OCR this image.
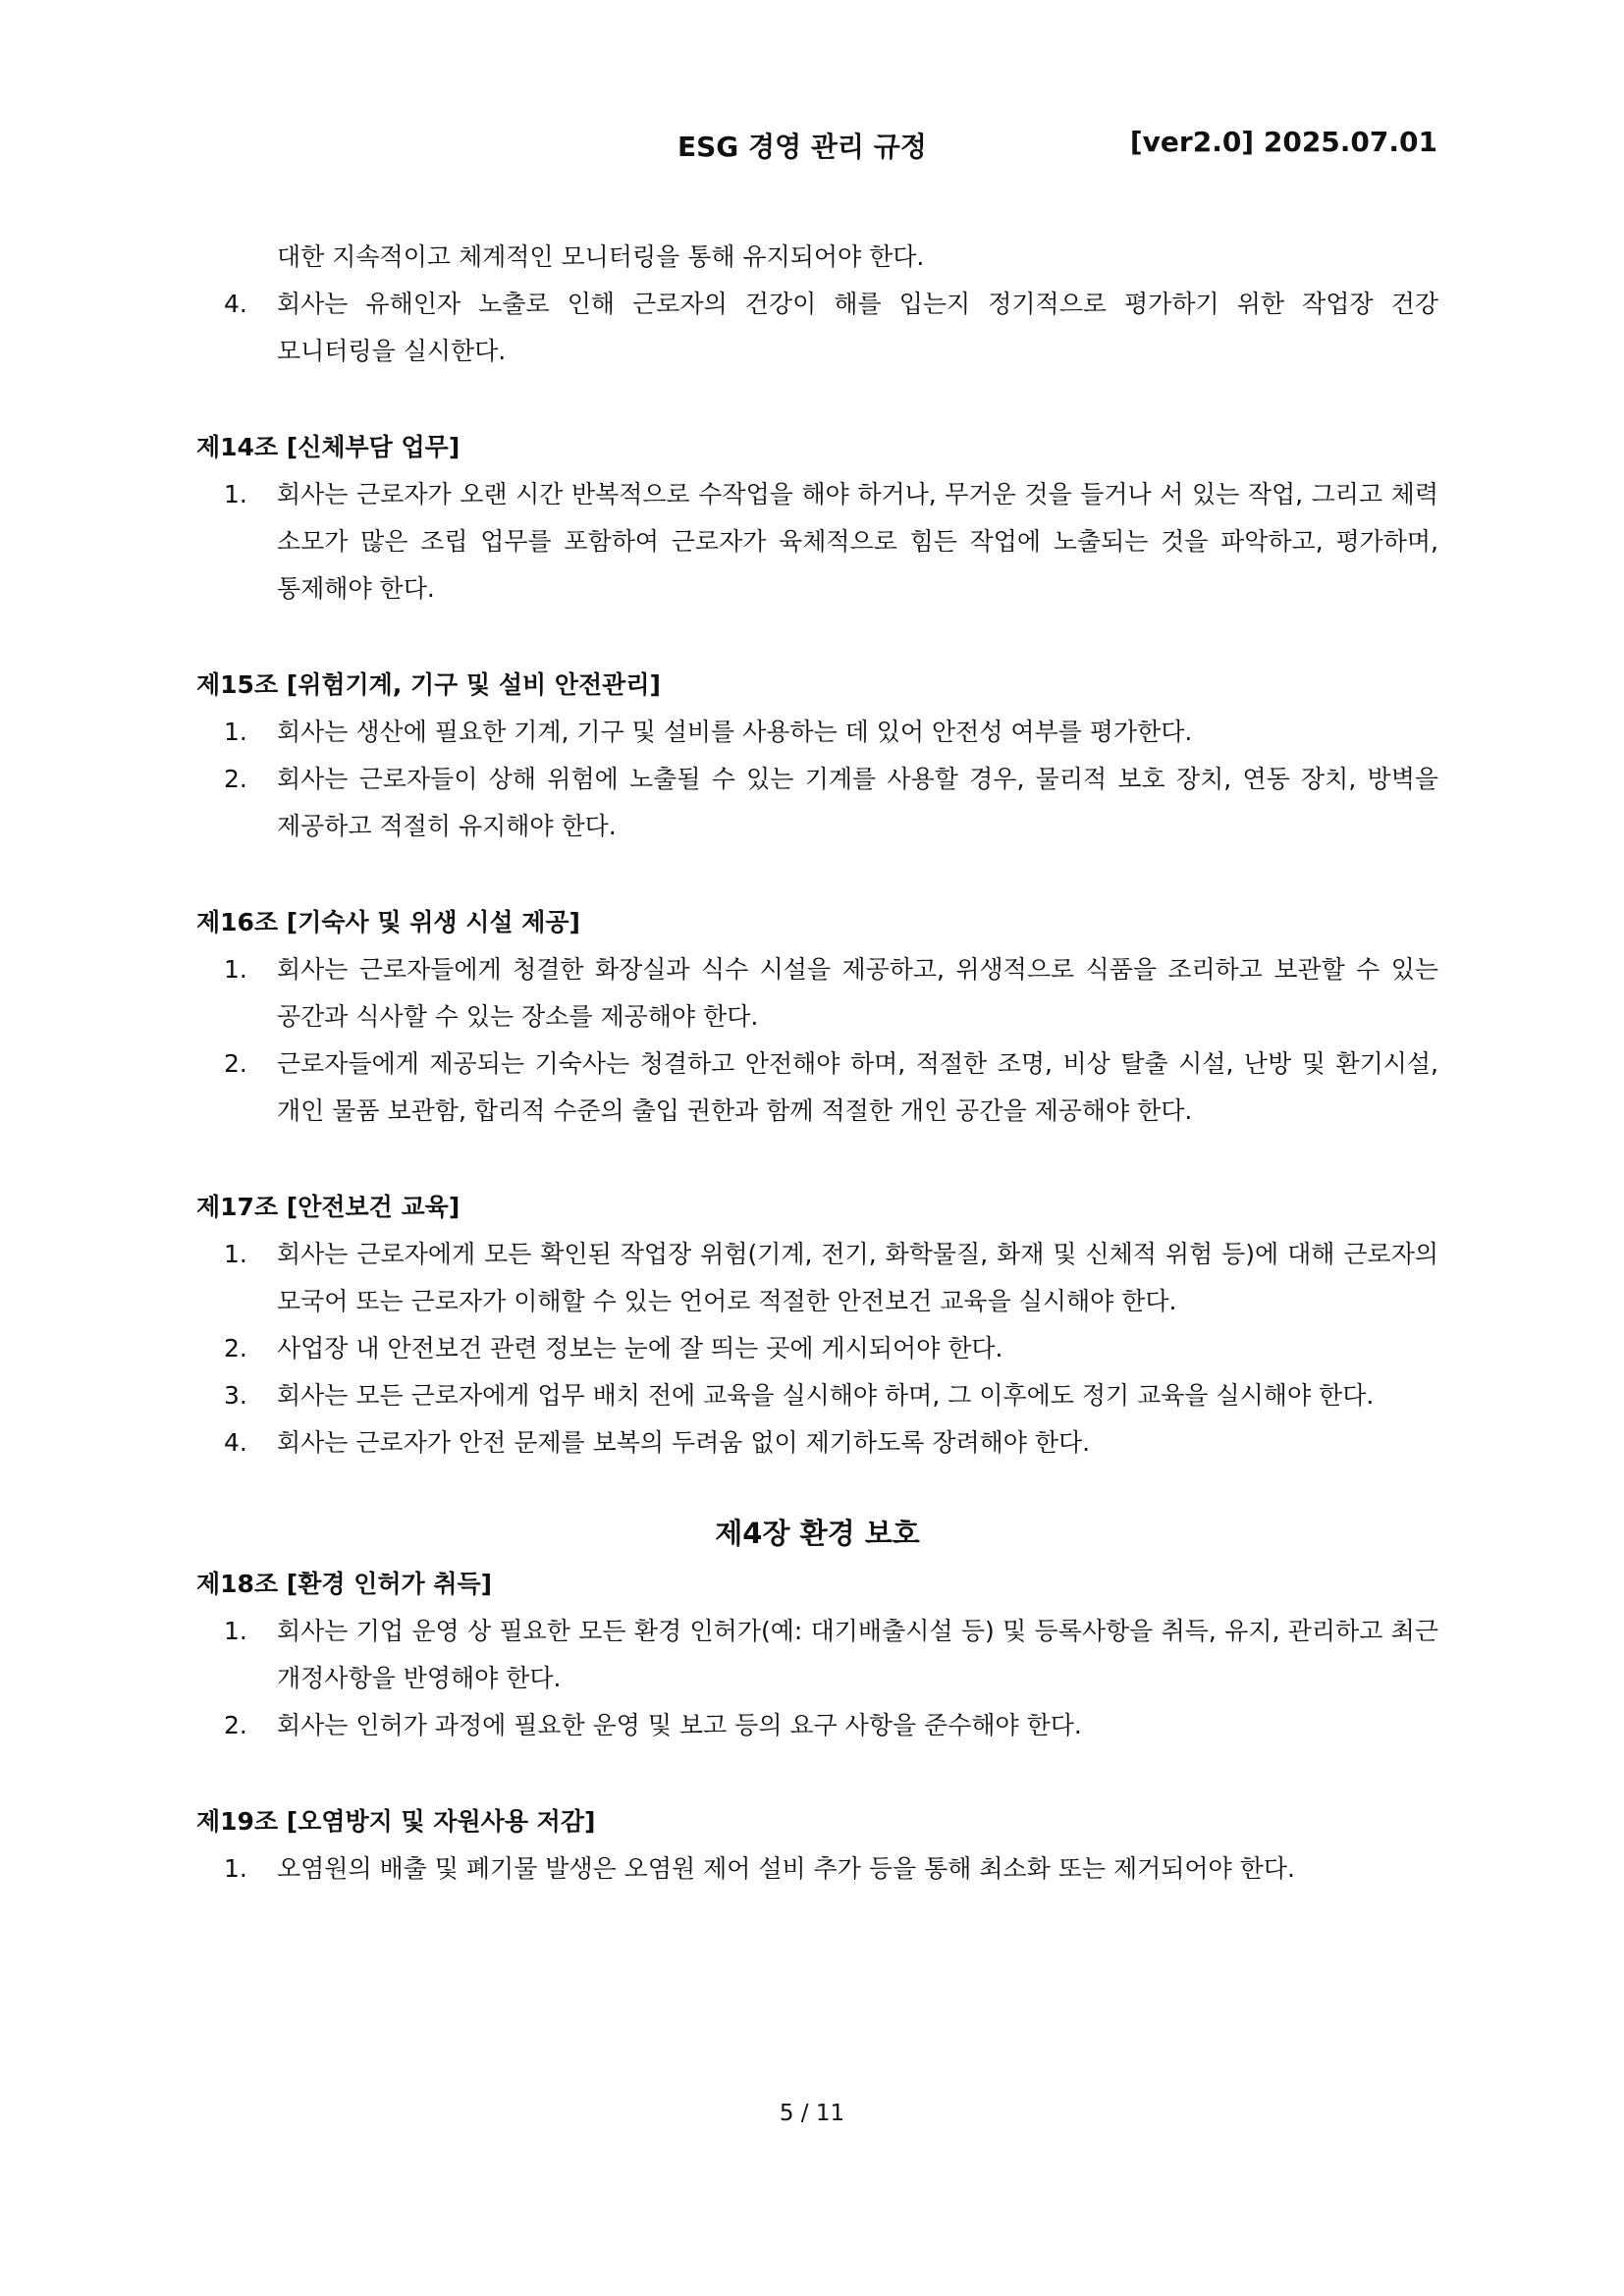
ESG 경영 관리 규정	[ver2.0] 2025.07.01
대한 지속적이고 체계적인 모니터링을 통해 유지되어야 한다.
4. 회사는 유해인자 노출로 인해 근로자의 건강이 해를 입는지 정기적으로 평가하기 위한 작업장 건강 모니터링을 실시한다.

제14조 [신체부담 업무]

1. 회사는 근로자가 오랜 시간 반복적으로 수작업을 해야 하거나, 무거운 것을 들거나 서 있는 작업, 그리고 체력 소모가 많은 조립 업무를 포함하여 근로자가 육체적으로 힘든 작업에 노출되는 것을 파악하고, 평가하며, 통제해야 한다.

제15조 [위험기계, 기구 및 설비 안전관리]

1. 회사는 생산에 필요한 기계, 기구 및 설비를 사용하는 데 있어 안전성 여부를 평가한다.
2. 회사는 근로자들이 상해 위험에 노출될 수 있는 기계를 사용할 경우, 물리적 보호 장치, 연동 장치, 방벽을 제공하고 적절히 유지해야 한다.

제16조 [기숙사 및 위생 시설 제공]

1. 회사는 근로자들에게 청결한 화장실과 식수 시설을 제공하고, 위생적으로 식품을 조리하고 보관할 수 있는 공간과 식사할 수 있는 장소를 제공해야 한다.
2. 근로자들에게 제공되는 기숙사는 청결하고 안전해야 하며, 적절한 조명, 비상 탈출 시설, 난방 및 환기시설, 개인 물품 보관함, 합리적 수준의 출입 권한과 함께 적절한 개인 공간을 제공해야 한다.

제17조 [안전보건 교육]

1. 회사는 근로자에게 모든 확인된 작업장 위험(기계, 전기, 화학물질, 화재 및 신체적 위험 등)에 대해 근로자의 모국어 또는 근로자가 이해할 수 있는 언어로 적절한 안전보건 교육을 실시해야 한다.
2. 사업장 내 안전보건 관련 정보는 눈에 잘 띄는 곳에 게시되어야 한다.
3. 회사는 모든 근로자에게 업무 배치 전에 교육을 실시해야 하며, 그 이후에도 정기 교육을 실시해야 한다.
4. 회사는 근로자가 안전 문제를 보복의 두려움 없이 제기하도록 장려해야 한다.

제4장 환경 보호

제18조 [환경 인허가 취득]

1. 회사는 기업 운영 상 필요한 모든 환경 인허가(예: 대기배출시설 등) 및 등록사항을 취득, 유지, 관리하고 최근 개정사항을 반영해야 한다.
2. 회사는 인허가 과정에 필요한 운영 및 보고 등의 요구 사항을 준수해야 한다.

제19조 [오염방지 및 자원사용 저감]

1. 오염원의 배출 및 폐기물 발생은 오염원 제어 설비 추가 등을 통해 최소화 또는 제거되어야 한다.
5 / 11
